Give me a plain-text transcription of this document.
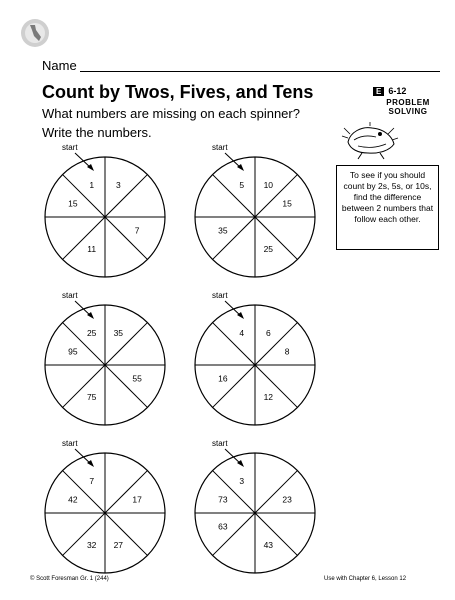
Name
Count by Twos, Fives, and Tens
What numbers are missing on each spinner?
Write the numbers.
E 6-12
PROBLEM
SOLVING
To see if you should count by 2s, 5s, or 10s, find the difference between 2 numbers that follow each other.
start
1	3
7
11
15
start
5 10
15
25
35
start
25 35
55
75
95
start
4	6
8
12
16
start
7
17
27
32
42
start
3
23
43
63
73
© Scott Foresman Gr. 1 (244)	Use with Chapter 6, Lesson 12
